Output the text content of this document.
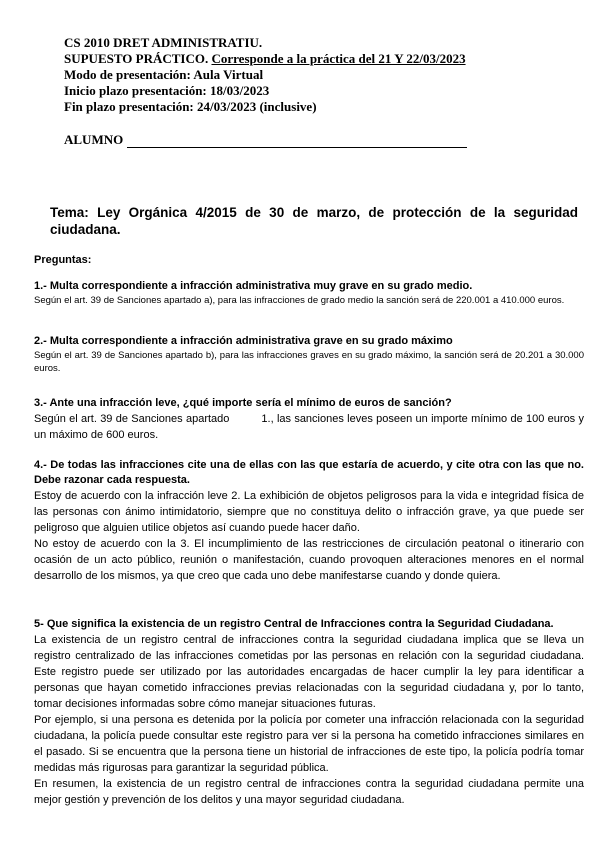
CS 2010 DRET ADMINISTRATIU.
SUPUESTO PRÁCTICO. Corresponde a la práctica del 21 Y 22/03/2023
Modo de presentación: Aula Virtual
Inicio plazo presentación: 18/03/2023
Fin plazo presentación: 24/03/2023 (inclusive)
ALUMNO
Tema: Ley Orgánica 4/2015 de 30 de marzo, de protección de la seguridad ciudadana.
Preguntas:
1.- Multa correspondiente a infracción administrativa muy grave en su grado medio.
Según el art. 39 de Sanciones apartado a), para las infracciones de grado medio la sanción será de 220.001 a 410.000 euros.
2.- Multa correspondiente a infracción administrativa grave en su grado máximo
Según el art. 39 de Sanciones apartado b), para las infracciones graves en su grado máximo, la sanción será de 20.201 a 30.000 euros.
3.- Ante una infracción leve, ¿qué importe sería el mínimo de euros de sanción?
Según el art. 39 de Sanciones apartado	1., las sanciones leves poseen un importe mínimo de 100 euros y un máximo de 600 euros.
4.- De todas las infracciones cite una de ellas con las que estaría de acuerdo, y cite otra con las que no. Debe razonar cada respuesta.
Estoy de acuerdo con la infracción leve 2. La exhibición de objetos peligrosos para la vida e integridad física de las personas con ánimo intimidatorio, siempre que no constituya delito o infracción grave, ya que puede ser peligroso que alguien utilice objetos así cuando puede hacer daño.
No estoy de acuerdo con la 3. El incumplimiento de las restricciones de circulación peatonal o itinerario con ocasión de un acto público, reunión o manifestación, cuando provoquen alteraciones menores en el normal desarrollo de los mismos, ya que creo que cada uno debe manifestarse cuando y donde quiera.
5- Que significa la existencia de un registro Central de Infracciones contra la Seguridad Ciudadana.
La existencia de un registro central de infracciones contra la seguridad ciudadana implica que se lleva un registro centralizado de las infracciones cometidas por las personas en relación con la seguridad ciudadana. Este registro puede ser utilizado por las autoridades encargadas de hacer cumplir la ley para identificar a personas que hayan cometido infracciones previas relacionadas con la seguridad ciudadana y, por lo tanto, tomar decisiones informadas sobre cómo manejar situaciones futuras.
Por ejemplo, si una persona es detenida por la policía por cometer una infracción relacionada con la seguridad ciudadana, la policía puede consultar este registro para ver si la persona ha cometido infracciones similares en el pasado. Si se encuentra que la persona tiene un historial de infracciones de este tipo, la policía podría tomar medidas más rigurosas para garantizar la seguridad pública.
En resumen, la existencia de un registro central de infracciones contra la seguridad ciudadana permite una mejor gestión y prevención de los delitos y una mayor seguridad ciudadana.
